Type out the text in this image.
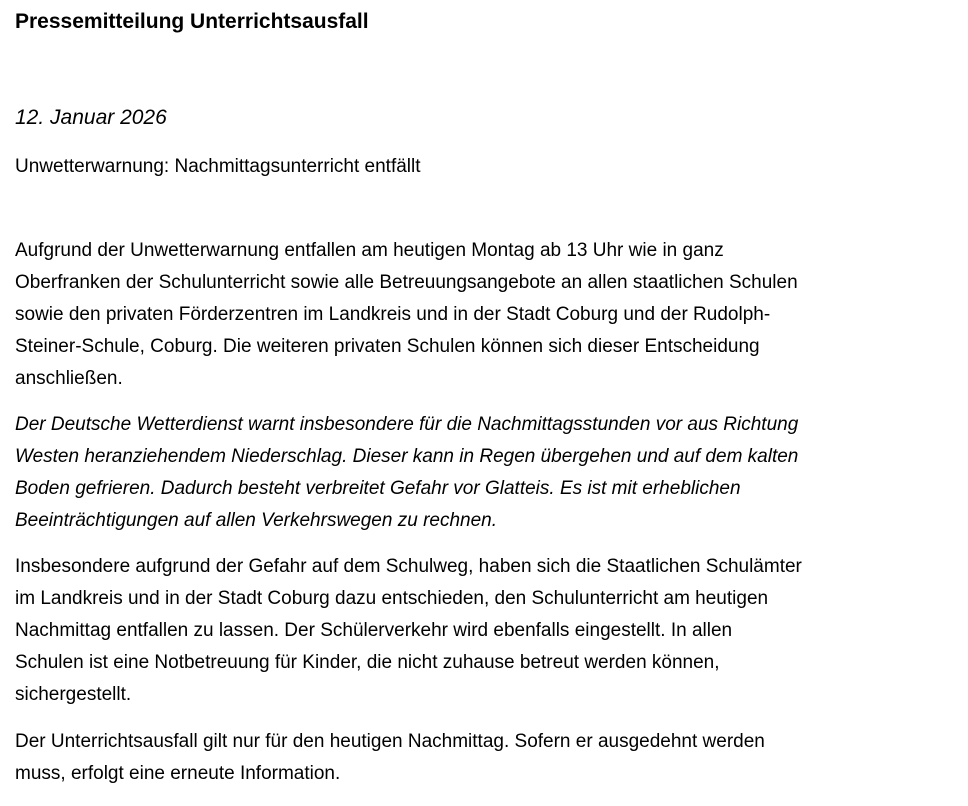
Pressemitteilung Unterrichtsausfall

12. Januar 2026

Unwetterwarnung: Nachmittagsunterricht entfällt

Aufgrund der Unwetterwarnung entfallen am heutigen Montag ab 13 Uhr wie in ganz
Oberfranken der Schulunterricht sowie alle Betreuungsangebote an allen staatlichen Schulen
sowie den privaten Förderzentren im Landkreis und in der Stadt Coburg und der Rudolph-
Steiner-Schule, Coburg. Die weiteren privaten Schulen können sich dieser Entscheidung
anschließen.

Der Deutsche Wetterdienst warnt insbesondere für die Nachmittagsstunden vor aus Richtung
Westen heranziehendem Niederschlag. Dieser kann in Regen übergehen und auf dem kalten
Boden gefrieren. Dadurch besteht verbreitet Gefahr vor Glatteis. Es ist mit erheblichen
Beeinträchtigungen auf allen Verkehrswegen zu rechnen.

Insbesondere aufgrund der Gefahr auf dem Schulweg, haben sich die Staatlichen Schulämter
im Landkreis und in der Stadt Coburg dazu entschieden, den Schulunterricht am heutigen
Nachmittag entfallen zu lassen. Der Schülerverkehr wird ebenfalls eingestellt. In allen
Schulen ist eine Notbetreuung für Kinder, die nicht zuhause betreut werden können,
sichergestellt.

Der Unterrichtsausfall gilt nur für den heutigen Nachmittag. Sofern er ausgedehnt werden
muss, erfolgt eine erneute Information.
